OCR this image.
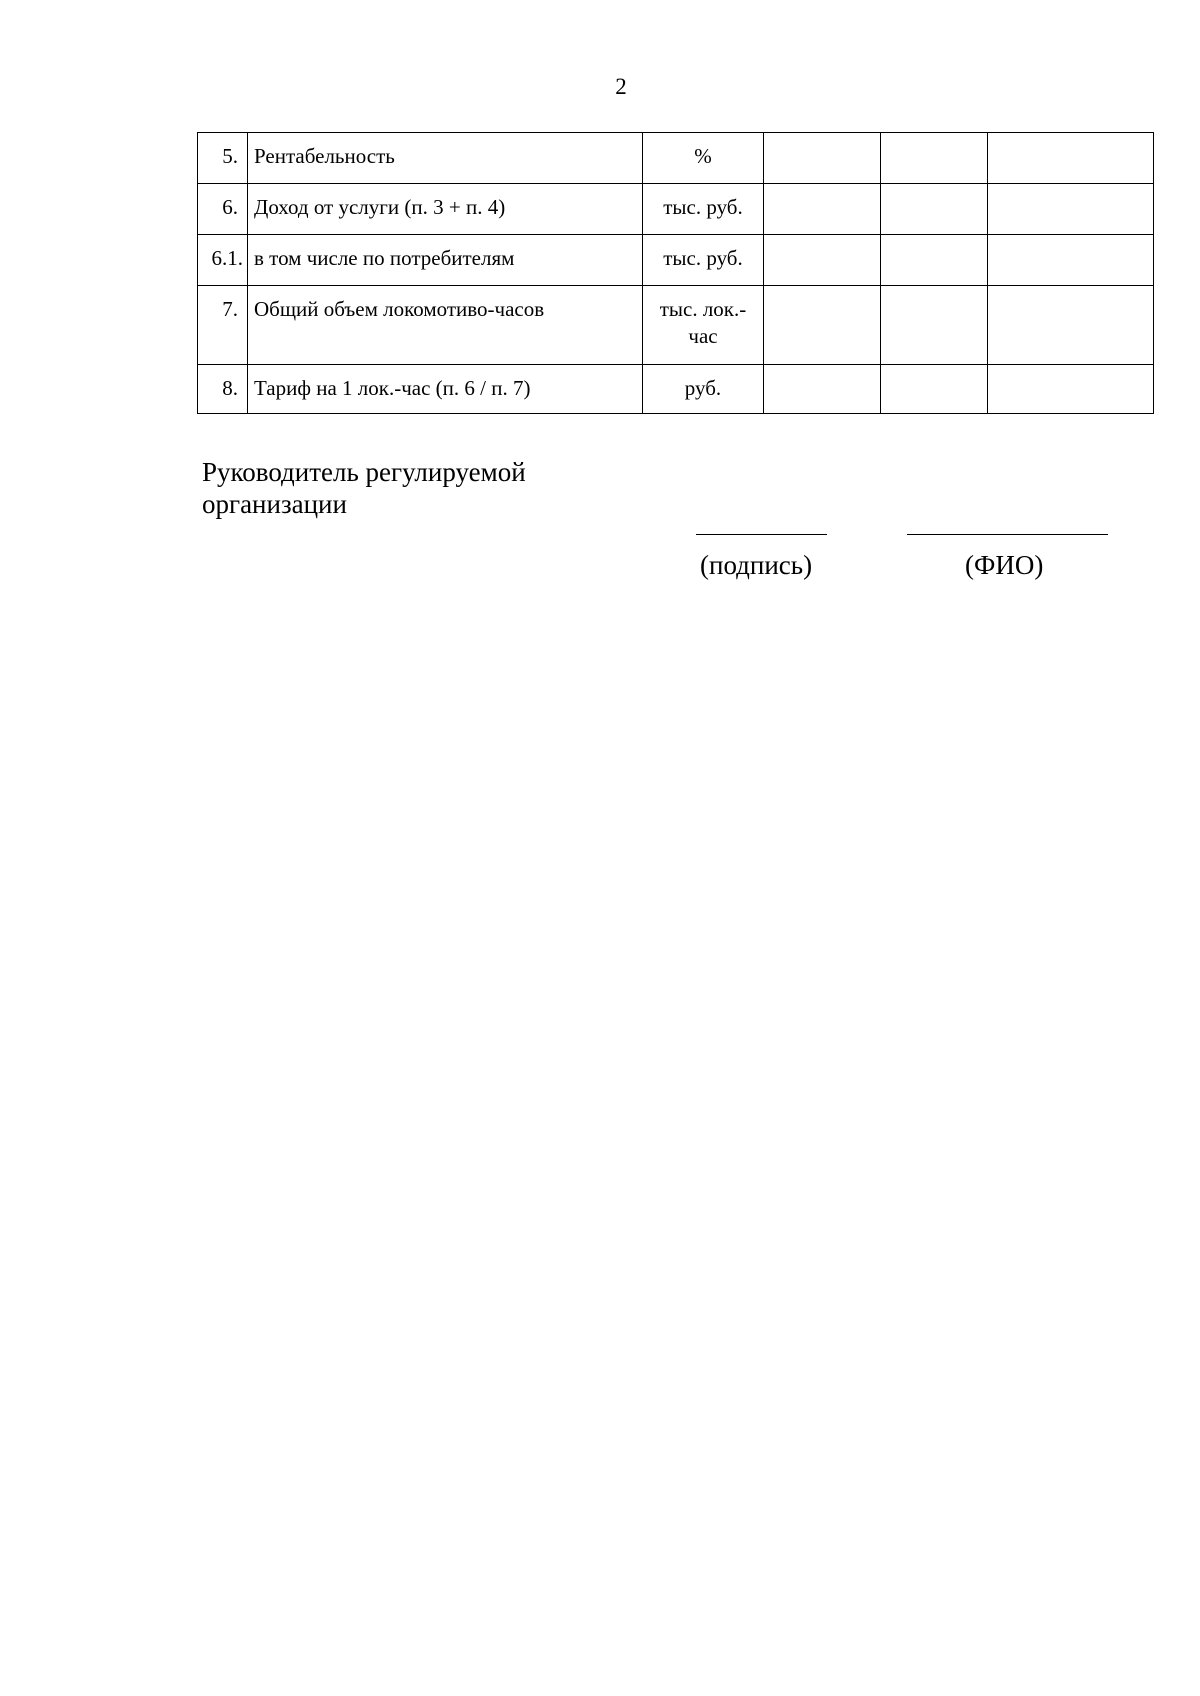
2
5.	Рентабельность	%			

6.	Доход от услуги (п. 3 + п. 4)	тыс. руб.			

6.1.	в том числе по потребителям	тыс. руб.			

7.	Общий объем локомотиво-часов	тыс. лок.-
час			

8.	Тариф на 1 лок.-час (п. 6 / п. 7)	руб.			

Руководитель регулируемой
организации
(подпись)	(ФИО)
